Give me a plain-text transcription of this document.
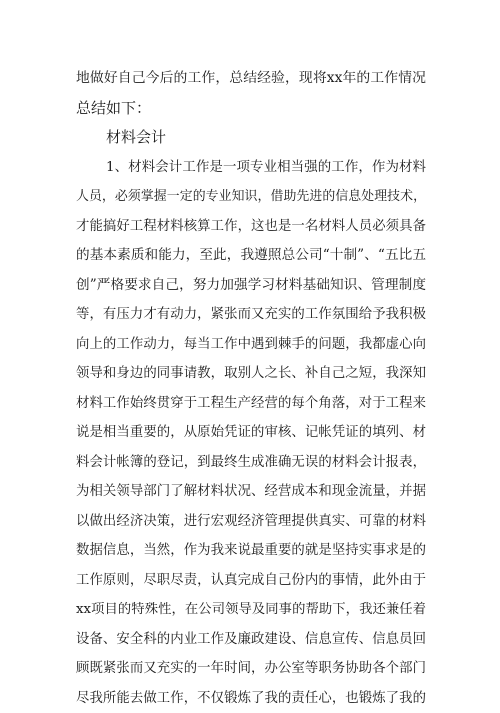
地做好自己今后的工作，总结经验，现将xx年的工作情况
总结如下：
材料会计
1、材料会计工作是一项专业相当强的工作，作为材料
人员，必须掌握一定的专业知识，借助先进的信息处理技术，
才能搞好工程材料核算工作，这也是一名材料人员必须具备
的基本素质和能力，至此，我遵照总公司“十制”、“五比五
创”严格要求自己，努力加强学习材料基础知识、管理制度
等，有压力才有动力，紧张而又充实的工作氛围给予我积极
向上的工作动力，每当工作中遇到棘手的问题，我都虚心向
领导和身边的同事请教，取别人之长、补自己之短，我深知
材料工作始终贯穿于工程生产经营的每个角落，对于工程来
说是相当重要的，从原始凭证的审核、记帐凭证的填列、材
料会计帐簿的登记，到最终生成准确无误的材料会计报表，
为相关领导部门了解材料状况、经营成本和现金流量，并据
以做出经济决策，进行宏观经济管理提供真实、可靠的材料
数据信息，当然，作为我来说最重要的就是坚持实事求是的
工作原则，尽职尽责，认真完成自己份内的事情，此外由于
xx项目的特殊性，在公司领导及同事的帮助下，我还兼任着
设备、安全科的内业工作及廉政建设、信息宣传、信息员回
顾既紧张而又充实的一年时间，办公室等职务协助各个部门
尽我所能去做工作，不仅锻炼了我的责任心，也锻炼了我的
